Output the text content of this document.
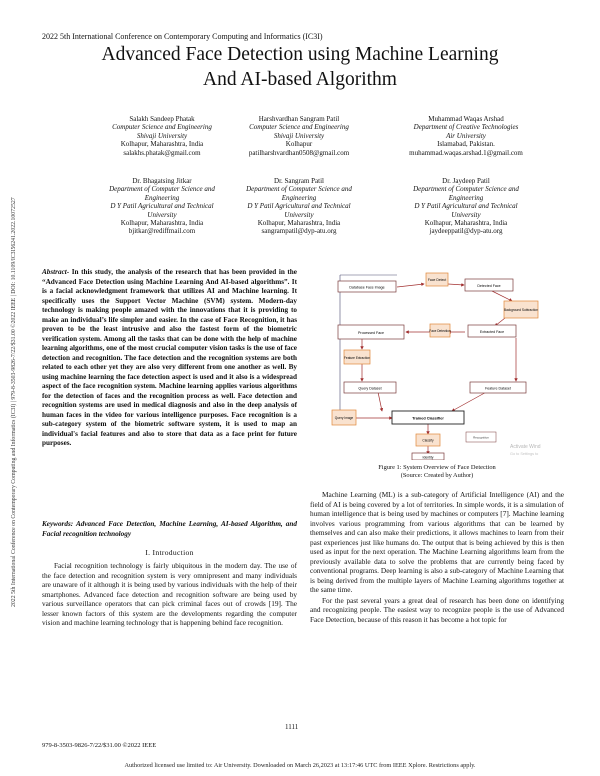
2022 5th International Conference on Contemporary Computing and Informatics (IC3I)
Advanced Face Detection using Machine Learning
And AI-based Algorithm
2022 5th International Conference on Contemporary Computing and Informatics (IC3I) | 979-8-3503-9826-7/22/$31.00 ©2022 IEEE | DOI: 10.1109/IC3I56241.2022.10072527
Salakh Sandeep Phatak
Computer Science and Engineering
Shivaji University
Kolhapur, Maharashtra, India
salakhs.phatak@gmail.com
Harshvardhan Sangram Patil
Computer Science and Engineering
Shivaji University
Kolhapur
patilharshvardhan0508@gmail.com
Muhammad Waqas Arshad
Department of Creative Technologies
Air University
Islamabad, Pakistan.
muhammad.waqas.arshad.1@gmail.com
Dr. Bhagatsing Jitkar
Department of Computer Science and
Engineering
D Y Patil Agricultural and Technical
University
Kolhapur, Maharashtra, India
bjitkar@rediffmail.com
Dr. Sangram Patil
Department of Computer Science and
Engineering
D Y Patil Agricultural and Technical
University
Kolhapur, Maharashtra, India
sangrampatil@dyp-atu.org
Dr. Jaydeep Patil
Department of Computer Science and
Engineering
D Y Patil Agricultural and Technical
University
Kolhapur, Maharashtra, India
jaydeeppatil@dyp-atu.org
Abstract- In this study, the analysis of the research that has been provided in the “Advanced Face Detection using Machine Learning And AI-based algorithms”. It is a facial acknowledgment framework that utilizes AI and Machine learning. It specifically uses the Support Vector Machine (SVM) system. Modern-day technology is making people amazed with the innovations that it is providing to make an individual’s life simpler and easier. In the case of Face Recognition, it has proven to be the least intrusive and also the fastest form of the biometric verification system. Among all the tasks that can be done with the help of machine learning algorithms, one of the most crucial computer vision tasks is the use of face detection and recognition. The face detection and the recognition systems are both related to each other yet they are also very different from one another as well. By using machine learning the face detection aspect is used and it also is a widespread aspect of the face recognition system. Machine learning applies various algorithms for the detection of faces and the recognition process as well. Face detection and recognition systems are used in medical diagnosis and also in the deep analysis of human faces in the video for various intelligence purposes. Face recognition is a sub-category system of the biometric software system, it is used to map an individual's facial features and also to store that data as a face print for future purposes.
Keywords: Advanced Face Detection, Machine Learning, AI-based Algorithm, and Facial recognition technology
I. Introduction
Facial recognition technology is fairly ubiquitous in the modern day. The use of the face detection and recognition system is very omnipresent and many individuals are unaware of it although it is being used by various individuals with the help of their smartphones. Advanced face detection and recognition software are being used by various surveillance operators that can pick criminal faces out of crowds [19]. The lesser known factors of this system are the developments regarding the computer vision and machine learning technology that is happening behind face recognition.
Database Face Image
Face Detect
Detected Face
Background Subtraction
Processed Face	Face Detection	Extracted Face
Feature Extraction
Query Dataset	Feature Dataset
Query Image	Trained Classifier
Classify
Recognition
Identity
Activate Wind
Go to Settings to
Figure 1: System Overview of Face Detection
(Source: Created by Author)

Machine Learning (ML) is a sub-category of Artificial Intelligence (AI) and the field of AI is being covered by a lot of territories. In simple words, it is a simulation of human intelligence that is being used by machines or computers [7]. Machine learning involves various programming from various algorithms that can be learned by themselves and can also make their predictions, it allows machines to learn from their past experiences just like humans do. The output that is being achieved by this is then used as input for the next operation. The Machine Learning algorithms learn from the previously available data to solve the problems that are currently being faced by conventional programs. Deep learning is also a sub-category of Machine Learning that is being derived from the multiple layers of Machine Learning algorithms together at the same time.

For the past several years a great deal of research has been done on identifying and recognizing people. The easiest way to recognize people is the use of Advanced Face Detection, because of this reason it has become a hot topic for

1111
979-8-3503-9826-7/22/$31.00 ©2022 IEEE
Authorized licensed use limited to: Air University. Downloaded on March 26,2023 at 13:17:46 UTC from IEEE Xplore. Restrictions apply.
